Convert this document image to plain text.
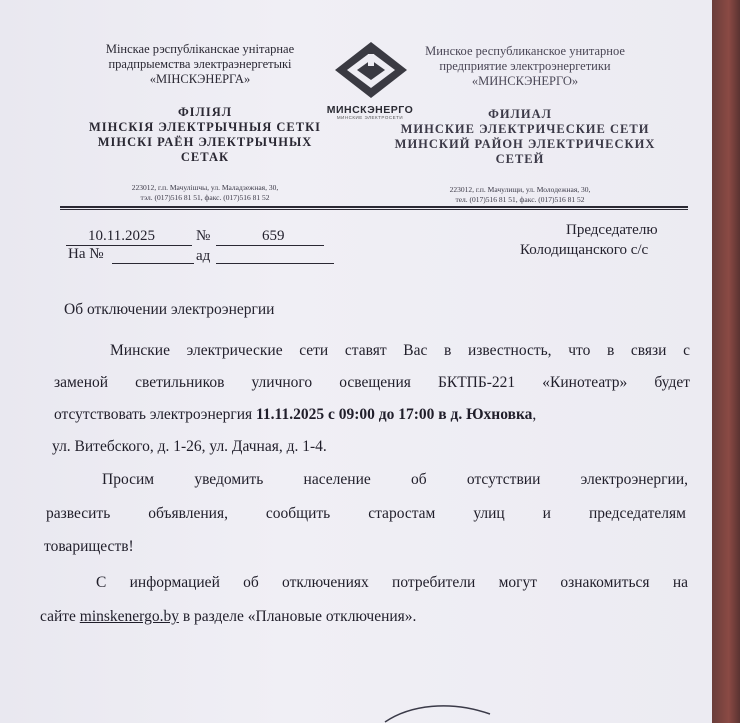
Мінскае рэспубліканскае унітарнае
прадпрыемства электраэнергетыкі
«МІНСКЭНЕРГА»
ФІЛІЯЛ
МІНСКІЯ ЭЛЕКТРЫЧНЫЯ СЕТКІ
МІНСКІ РАЁН ЭЛЕКТРЫЧНЫХ
СЕТАК
223012, г.п. Мачулішчы, ул. Маладзежная, 30,
тэл. (017)516 81 51, факс. (017)516 81 52
МИНСКЭНЕРГО
МИНСКИЕ ЭЛЕКТРОСЕТИ
Минское республиканское унитарное
предприятие электроэнергетики
«МИНСКЭНЕРГО»
ФИЛИАЛ
МИНСКИЕ ЭЛЕКТРИЧЕСКИЕ СЕТИ
МИНСКИЙ РАЙОН ЭЛЕКТРИЧЕСКИХ
СЕТЕЙ
223012, г.п. Мачулищи, ул. Молодежная, 30,
тел. (017)516 81 51, факс. (017)516 81 52
10.11.2025	№	659
На №	ад
Председателю
Колодищанского с/с
Об отключении электроэнергии
Минские электрические сети ставят Вас в известность, что в связи с
заменой светильников уличного освещения БКТПБ-221 «Кинотеатр» будет
отсутствовать электроэнергия 11.11.2025 с 09:00 до 17:00 в д. Юхновка,
ул. Витебского, д. 1-26, ул. Дачная, д. 1-4.
Просим уведомить население об отсутствии электроэнергии,
развесить объявления, сообщить старостам улиц и председателям
товариществ!
С информацией об отключениях потребители могут ознакомиться на
сайте minskenergo.by в разделе «Плановые отключения».
